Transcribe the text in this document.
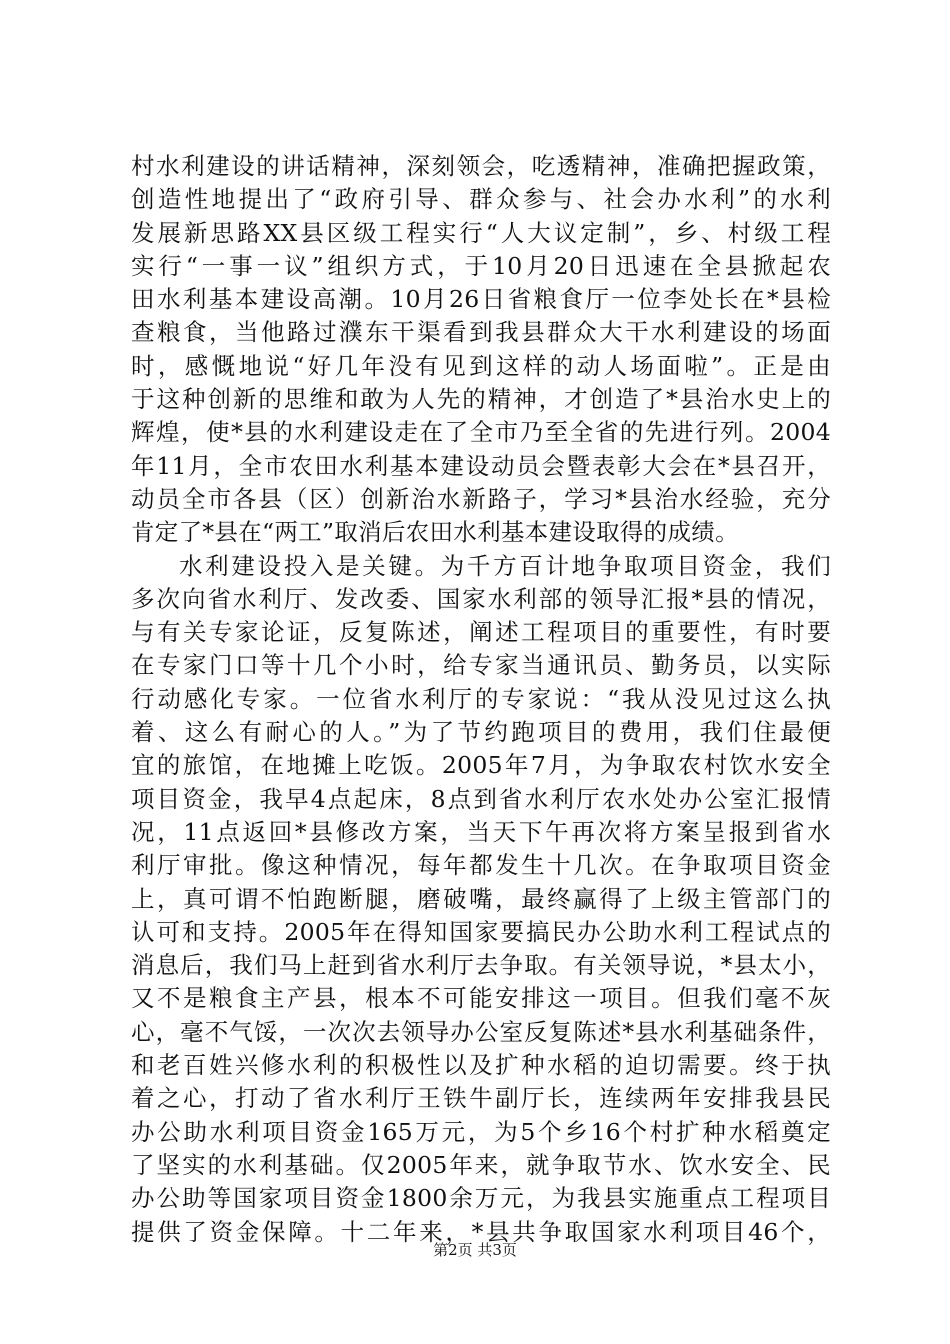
村水利建设的讲话精神，深刻领会，吃透精神，准确把握政策，
创造性地提出了“政府引导、群众参与、社会办水利”的水利
发展新思路XX县区级工程实行“人大议定制”，乡、村级工程
实行“一事一议”组织方式，于10月20日迅速在全县掀起农
田水利基本建设高潮。10月26日省粮食厅一位李处长在*县检
查粮食，当他路过濮东干渠看到我县群众大干水利建设的场面
时，感慨地说“好几年没有见到这样的动人场面啦”。正是由
于这种创新的思维和敢为人先的精神，才创造了*县治水史上的
辉煌，使*县的水利建设走在了全市乃至全省的先进行列。2004
年11月，全市农田水利基本建设动员会暨表彰大会在*县召开，
动员全市各县（区）创新治水新路子，学习*县治水经验，充分
肯定了*县在“两工”取消后农田水利基本建设取得的成绩。
水利建设投入是关键。为千方百计地争取项目资金，我们
多次向省水利厅、发改委、国家水利部的领导汇报*县的情况，
与有关专家论证，反复陈述，阐述工程项目的重要性，有时要
在专家门口等十几个小时，给专家当通讯员、勤务员，以实际
行动感化专家。一位省水利厅的专家说：“我从没见过这么执
着、这么有耐心的人。”为了节约跑项目的费用，我们住最便
宜的旅馆，在地摊上吃饭。2005年7月，为争取农村饮水安全
项目资金，我早4点起床，8点到省水利厅农水处办公室汇报情
况，11点返回*县修改方案，当天下午再次将方案呈报到省水
利厅审批。像这种情况，每年都发生十几次。在争取项目资金
上，真可谓不怕跑断腿，磨破嘴，最终赢得了上级主管部门的
认可和支持。2005年在得知国家要搞民办公助水利工程试点的
消息后，我们马上赶到省水利厅去争取。有关领导说，*县太小，
又不是粮食主产县，根本不可能安排这一项目。但我们毫不灰
心，毫不气馁，一次次去领导办公室反复陈述*县水利基础条件，
和老百姓兴修水利的积极性以及扩种水稻的迫切需要。终于执
着之心，打动了省水利厅王铁牛副厅长，连续两年安排我县民
办公助水利项目资金165万元，为5个乡16个村扩种水稻奠定
了坚实的水利基础。仅2005年来，就争取节水、饮水安全、民
办公助等国家项目资金1800余万元，为我县实施重点工程项目
提供了资金保障。十二年来，*县共争取国家水利项目46个，
第2页 共3页
